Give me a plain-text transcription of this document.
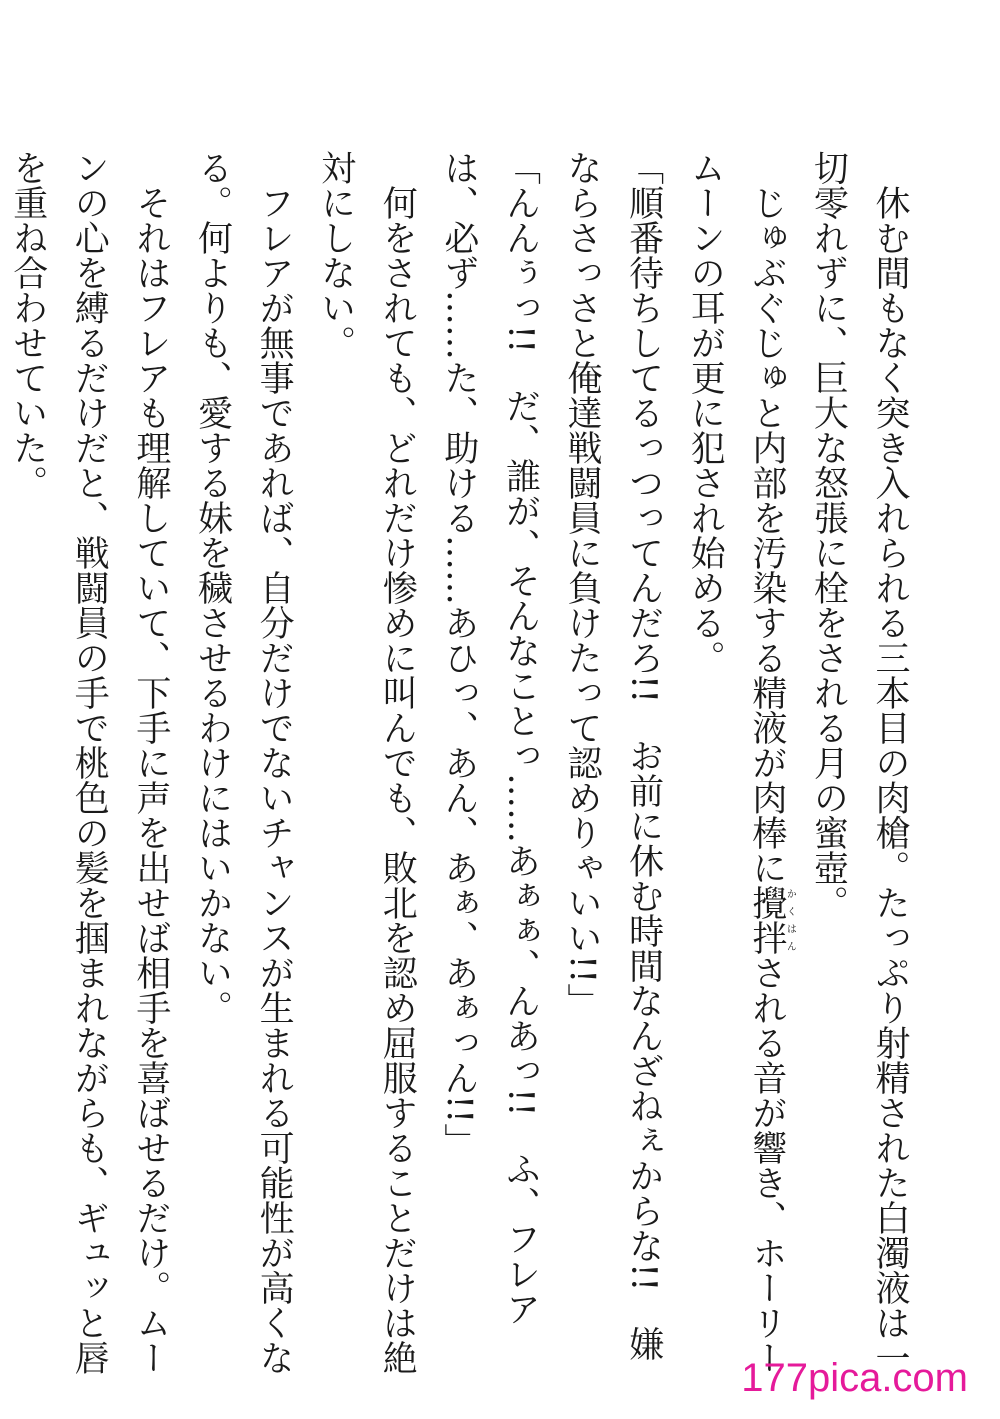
　休む間もなく突き入れられる三本目の肉槍。たっぷり射精された白濁液は一切零れずに、巨大な怒張に栓をされる月の蜜壺。

　じゅぶぐじゅと内部を汚染する精液が肉棒に攪拌かくはんされる音が響き、ホーリームーンの耳が更に犯され始める。

「順番待ちしてるっつってんだろ!!　お前に休む時間なんざねぇからな!!　嫌ならさっさと俺達戦闘員に負けたって認めりゃいい!!」

「んんぅっ!!　だ、誰が、そんなことっ……あぁぁ、んあっ!!　ふ、フレアは、必ず……た、助ける……あひっ、あん、あぁ、あぁっん!!」

　何をされても、どれだけ惨めに叫んでも、敗北を認め屈服することだけは絶対にしない。

　フレアが無事であれば、自分だけでないチャンスが生まれる可能性が高くなる。何よりも、愛する妹を穢させるわけにはいかない。

　それはフレアも理解していて、下手に声を出せば相手を喜ばせるだけ。ムーンの心を縛るだけだと、戦闘員の手で桃色の髪を掴まれながらも、ギュッと唇を重ね合わせていた。

177pica.com
